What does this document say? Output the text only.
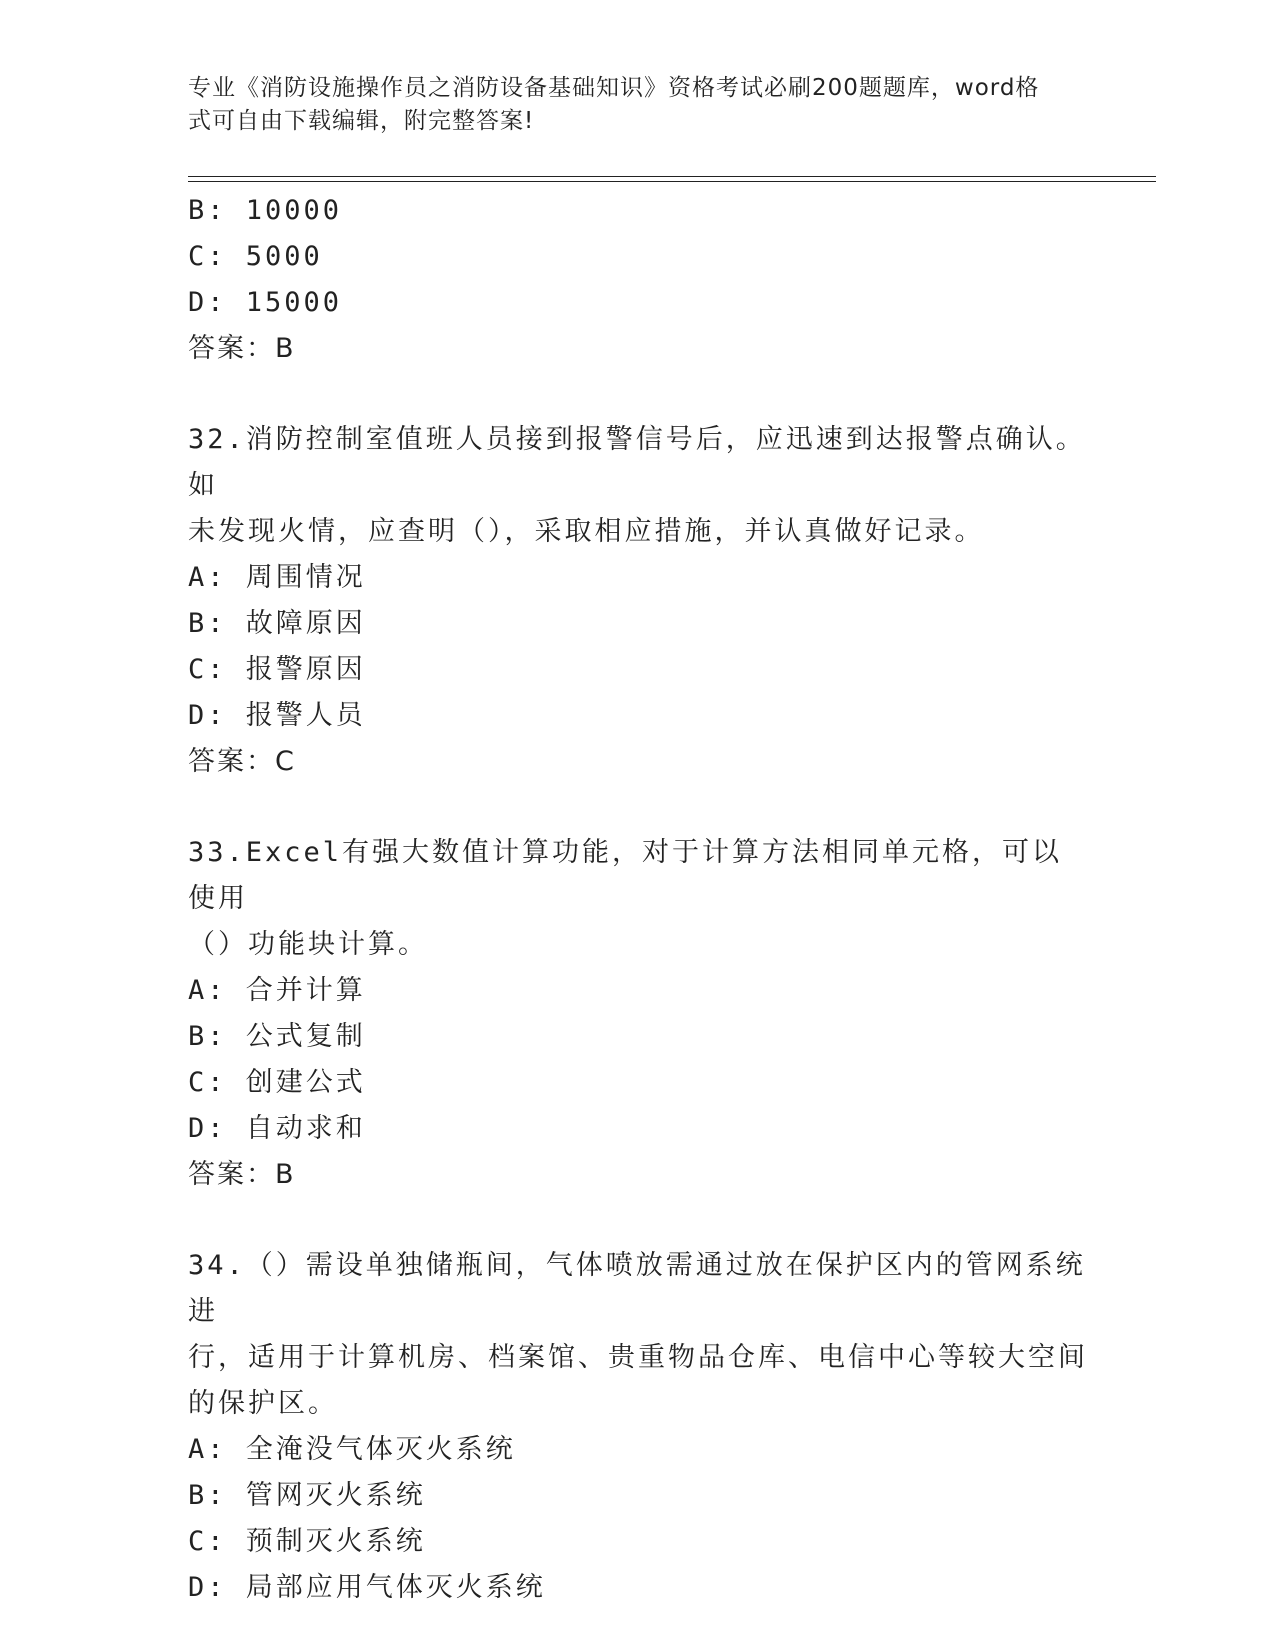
专业《消防设施操作员之消防设备基础知识》资格考试必刷200题题库，word格
式可自由下载编辑，附完整答案!
B: 10000
C: 5000
D: 15000
答案：B
32.消防控制室值班人员接到报警信号后，应迅速到达报警点确认。如
未发现火情，应查明（），采取相应措施，并认真做好记录。
A: 周围情况
B: 故障原因
C: 报警原因
D: 报警人员
答案：C
33.Excel有强大数值计算功能，对于计算方法相同单元格，可以使用
（）功能块计算。
A: 合并计算
B: 公式复制
C: 创建公式
D: 自动求和
答案：B
34.（）需设单独储瓶间，气体喷放需通过放在保护区内的管网系统进
行，适用于计算机房、档案馆、贵重物品仓库、电信中心等较大空间
的保护区。
A: 全淹没气体灭火系统
B: 管网灭火系统
C: 预制灭火系统
D: 局部应用气体灭火系统
